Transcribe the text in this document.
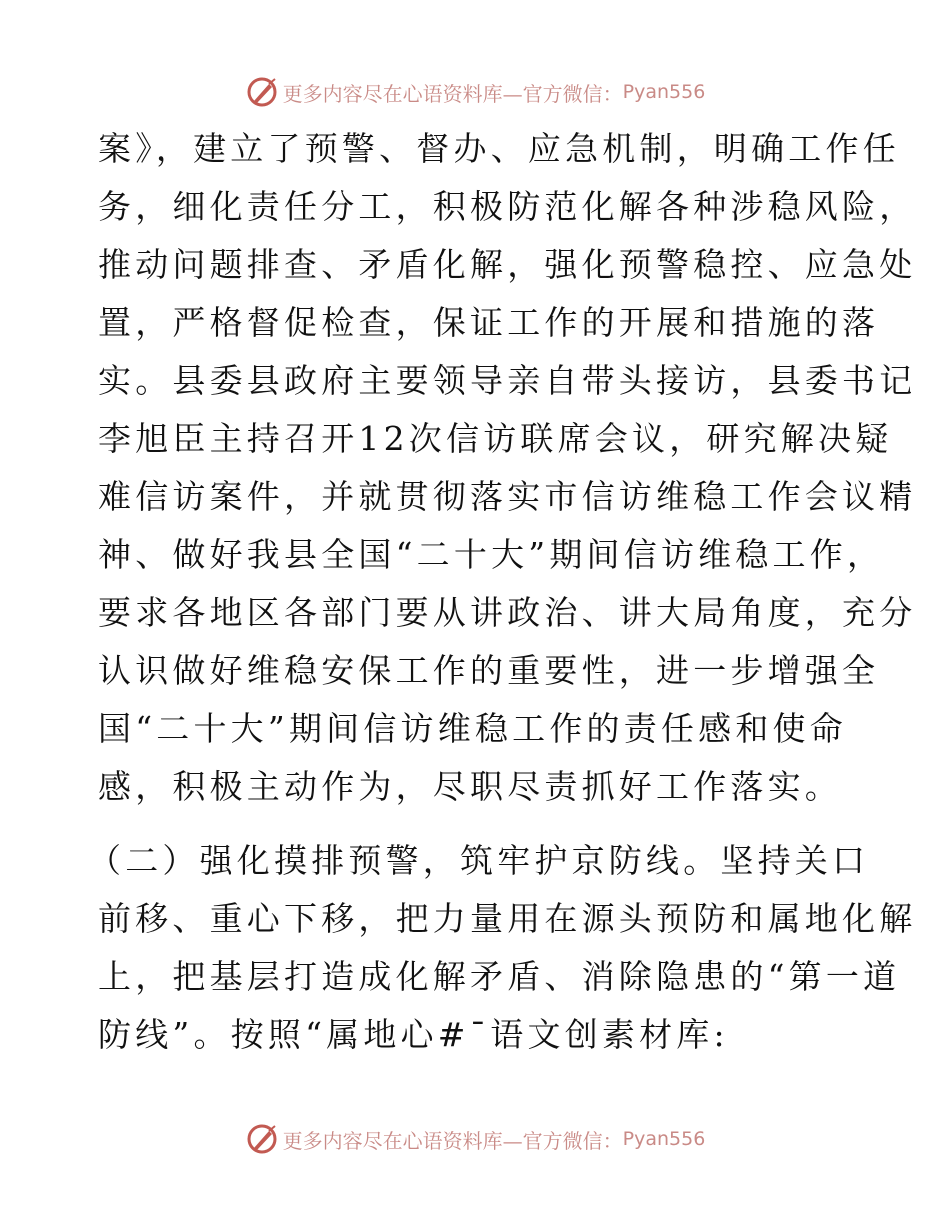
更多内容尽在心语资料库—官方微信： Pyan556
案》，建立了预警、督办、应急机制，明确工作任
务，细化责任分工，积极防范化解各种涉稳风险，
推动问题排查、矛盾化解，强化预警稳控、应急处
置，严格督促检查，保证工作的开展和措施的落
实。县委县政府主要领导亲自带头接访，县委书记
李旭臣主持召开12次信访联席会议，研究解决疑
难信访案件，并就贯彻落实市信访维稳工作会议精
神、做好我县全国“二十大”期间信访维稳工作，
要求各地区各部门要从讲政治、讲大局角度，充分
认识做好维稳安保工作的重要性，进一步增强全
国“二十大”期间信访维稳工作的责任感和使命
感，积极主动作为，尽职尽责抓好工作落实。
（二）强化摸排预警，筑牢护京防线。坚持关口
前移、重心下移，把力量用在源头预防和属地化解
上，把基层打造成化解矛盾、消除隐患的“第一道
防线”。按照“属地心#¯语文创素材库:
更多内容尽在心语资料库—官方微信： Pyan556
